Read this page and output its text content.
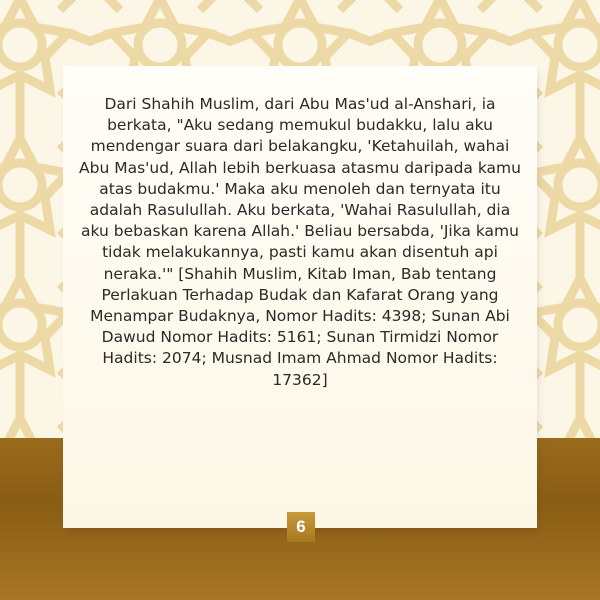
Dari Shahih Muslim, dari Abu Mas'ud al-Anshari, ia berkata, "Aku sedang memukul budakku, lalu aku mendengar suara dari belakangku, 'Ketahuilah, wahai Abu Mas'ud, Allah lebih berkuasa atasmu daripada kamu atas budakmu.' Maka aku menoleh dan ternyata itu adalah Rasulullah. Aku berkata, 'Wahai Rasulullah, dia aku bebaskan karena Allah.' Beliau bersabda, 'Jika kamu tidak melakukannya, pasti kamu akan disentuh api neraka.'" [Shahih Muslim, Kitab Iman, Bab tentang Perlakuan Terhadap Budak dan Kafarat Orang yang Menampar Budaknya, Nomor Hadits: 4398; Sunan Abi Dawud Nomor Hadits: 5161; Sunan Tirmidzi Nomor Hadits: 2074; Musnad Imam Ahmad Nomor Hadits: 17362]

6
